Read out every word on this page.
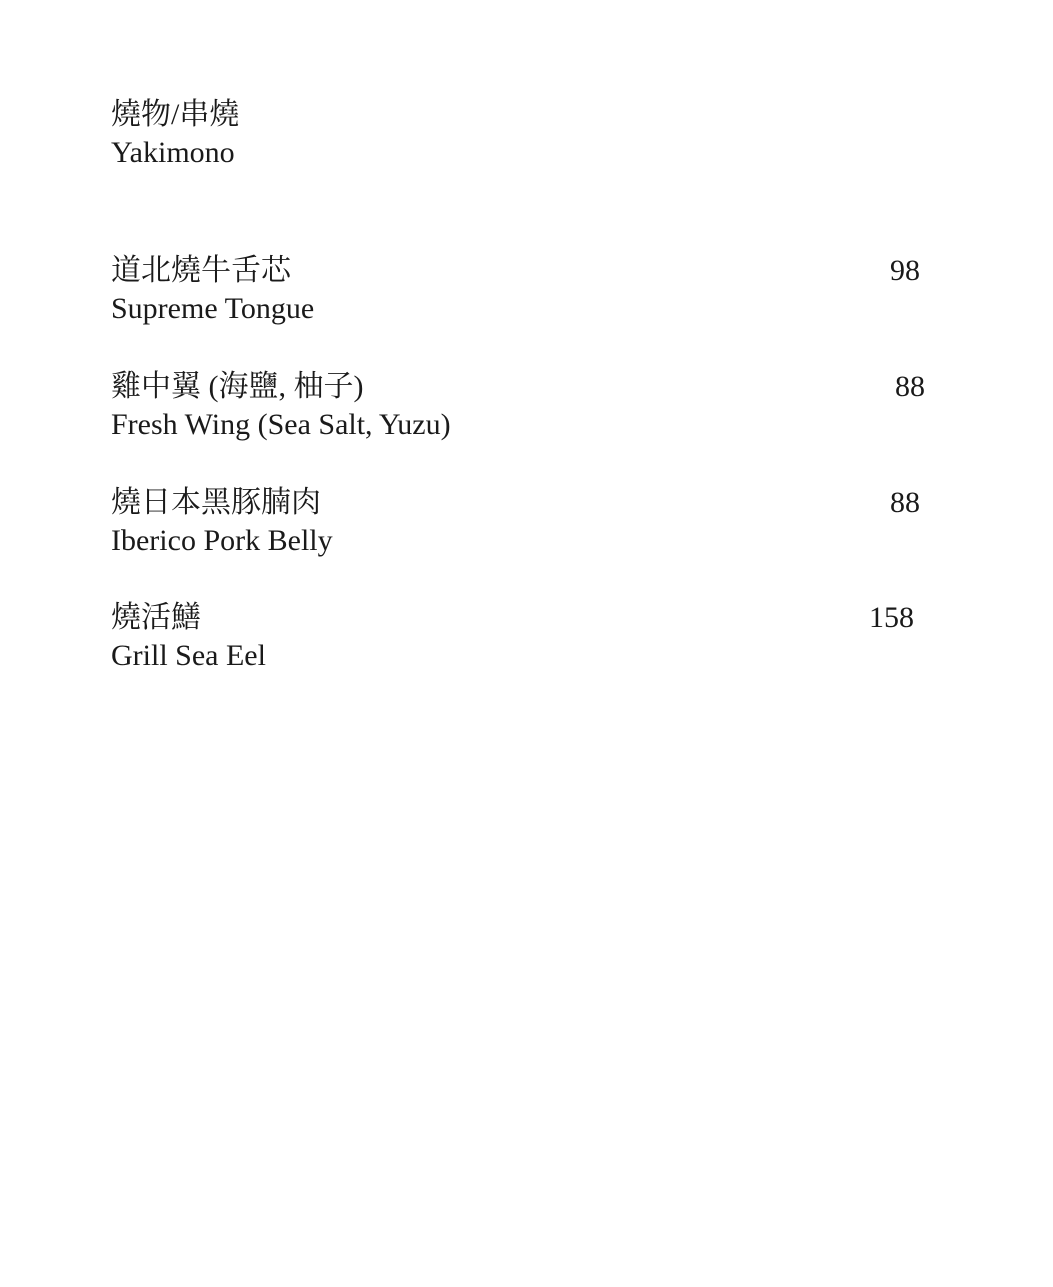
燒物/串燒
Yakimono
道北燒牛舌芯
Supreme Tongue
98
雞中翼 (海鹽, 柚子)
Fresh Wing (Sea Salt, Yuzu)
88
燒日本黑豚腩肉
Iberico Pork Belly
88
燒活鱔
Grill Sea Eel
158
